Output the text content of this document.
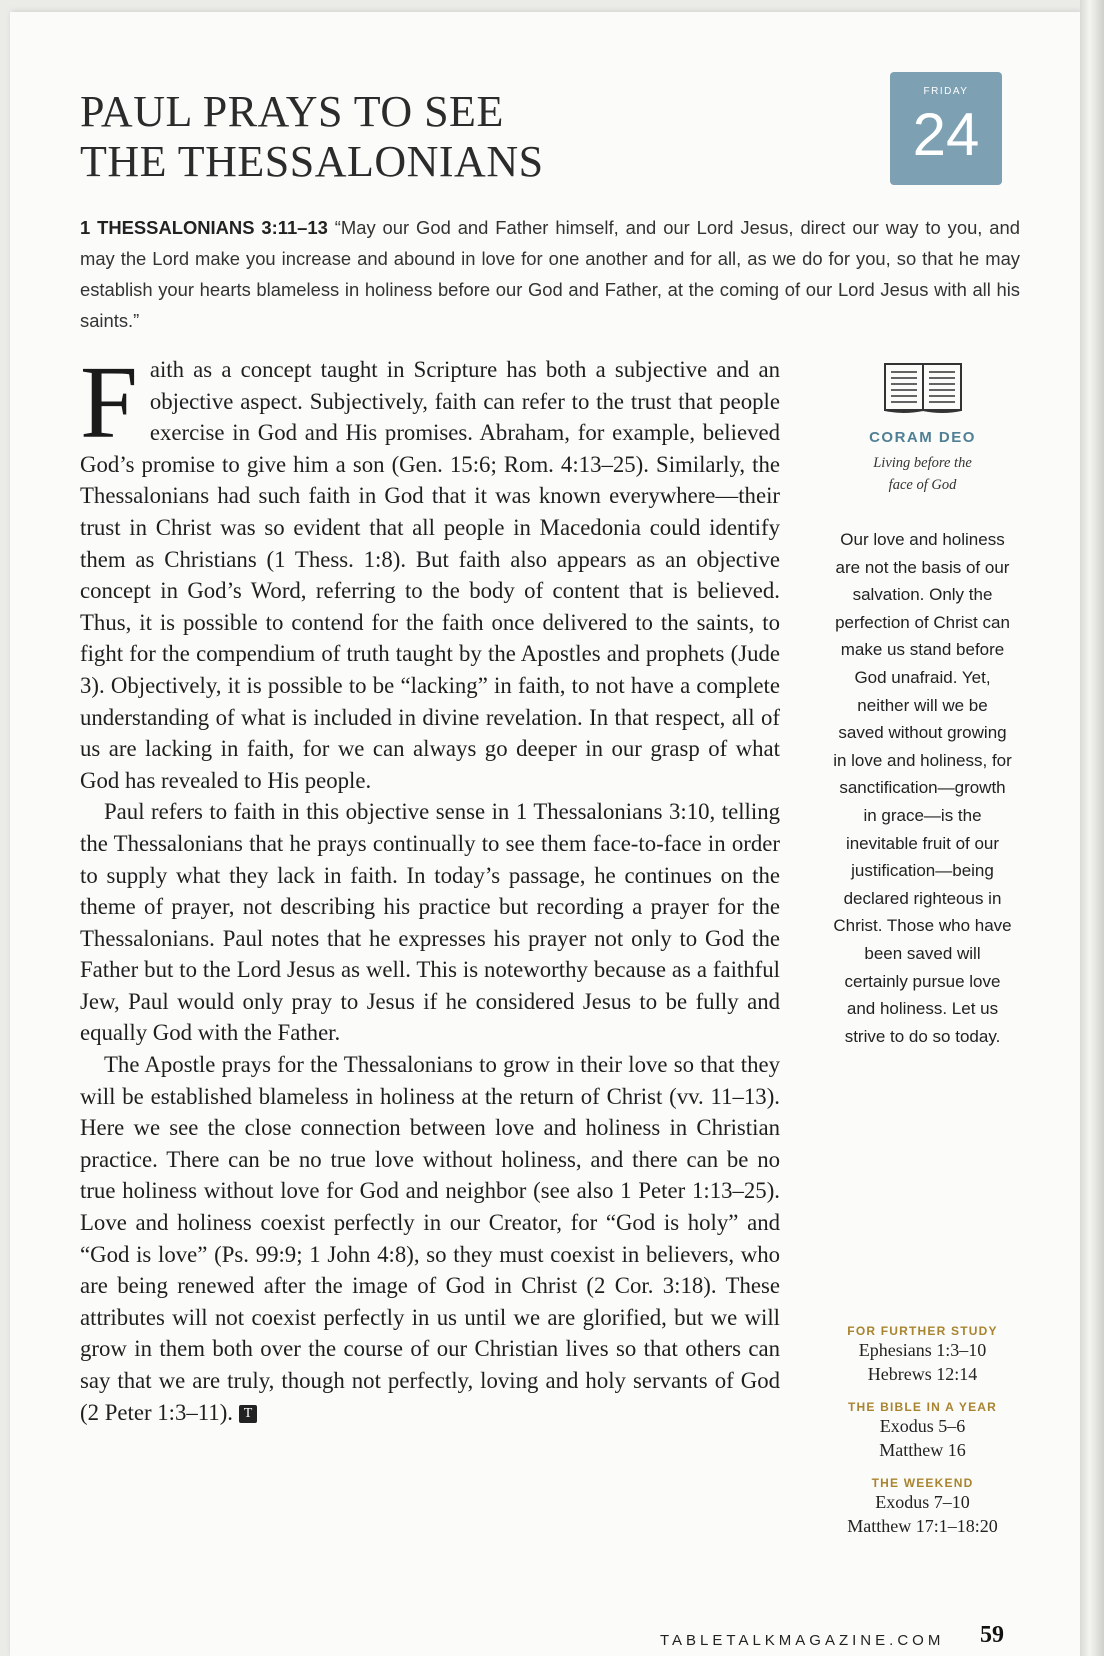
PAUL PRAYS TO SEE
THE THESSALONIANS
FRIDAY
24
1 THESSALONIANS 3:11–13 “May our God and Father himself, and our Lord Jesus, direct our way to you, and may the Lord make you increase and abound in love for one another and for all, as we do for you, so that he may establish your hearts blameless in holiness before our God and Father, at the coming of our Lord Jesus with all his saints.”

Faith as a concept taught in Scripture has both a subjective and an objective aspect. Subjectively, faith can refer to the trust that people exercise in God and His promises. Abraham, for example, believed God’s promise to give him a son (Gen. 15:6; Rom. 4:13–25). Similarly, the Thessalonians had such faith in God that it was known everywhere—their trust in Christ was so evident that all people in Macedonia could identify them as Christians (1 Thess. 1:8). But faith also appears as an objective concept in God’s Word, referring to the body of content that is believed. Thus, it is possible to contend for the faith once delivered to the saints, to fight for the compendium of truth taught by the Apostles and prophets (Jude 3). Objectively, it is possible to be “lacking” in faith, to not have a complete understanding of what is included in divine revelation. In that respect, all of us are lacking in faith, for we can always go deeper in our grasp of what God has revealed to His people.

Paul refers to faith in this objective sense in 1 Thessalonians 3:10, telling the Thessalonians that he prays continually to see them face-to-face in order to supply what they lack in faith. In today’s passage, he continues on the theme of prayer, not describing his practice but recording a prayer for the Thessalonians. Paul notes that he expresses his prayer not only to God the Father but to the Lord Jesus as well. This is noteworthy because as a faithful Jew, Paul would only pray to Jesus if he considered Jesus to be fully and equally God with the Father.

The Apostle prays for the Thessalonians to grow in their love so that they will be established blameless in holiness at the return of Christ (vv. 11–13). Here we see the close connection between love and holiness in Christian practice. There can be no true love without holiness, and there can be no true holiness without love for God and neighbor (see also 1 Peter 1:13–25). Love and holiness coexist perfectly in our Creator, for “God is holy” and “God is love” (Ps. 99:9; 1 John 4:8), so they must coexist in believers, who are being renewed after the image of God in Christ (2 Cor. 3:18). These attributes will not coexist perfectly in us until we are glorified, but we will grow in them both over the course of our Christian lives so that others can say that we are truly, though not perfectly, loving and holy servants of God (2 Peter 1:3–11). T

CORAM DEO
Living before the face of God
Our love and holiness are not the basis of our salvation. Only the perfection of Christ can make us stand before God unafraid. Yet, neither will we be saved without growing in love and holiness, for sanctification—growth in grace—is the inevitable fruit of our justification—being declared righteous in Christ. Those who have been saved will certainly pursue love and holiness. Let us strive to do so today.
FOR FURTHER STUDY
Ephesians 1:3–10
Hebrews 12:14
THE BIBLE IN A YEAR
Exodus 5–6
Matthew 16
THE WEEKEND
Exodus 7–10
Matthew 17:1–18:20
TABLETALKMAGAZINE.COM 59
